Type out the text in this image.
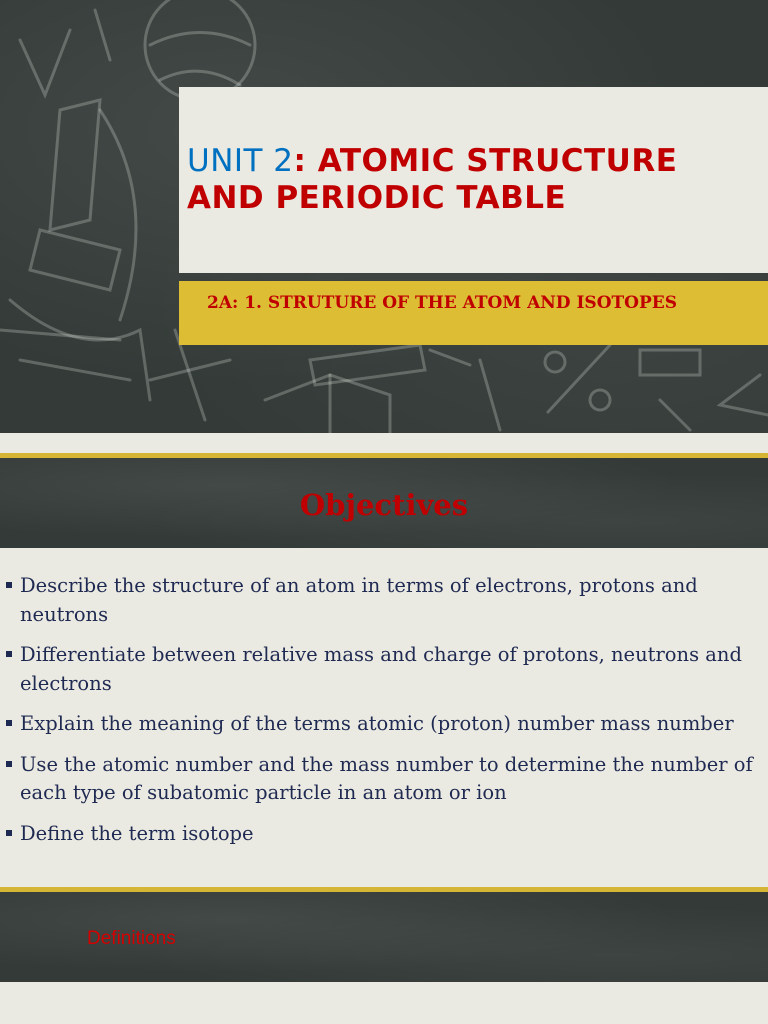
UNIT 2: ATOMIC STRUCTURE AND PERIODIC TABLE

2A: 1. STRUTURE OF THE ATOM AND ISOTOPES

Objectives
Describe the structure of an atom in terms of electrons, protons and neutrons
Differentiate between relative mass and charge of protons, neutrons and electrons
Explain the meaning of the terms atomic (proton) number mass number
Use the atomic number and the mass number to determine the number of each type of subatomic particle in an atom or ion
Define the term isotope

Definitions
